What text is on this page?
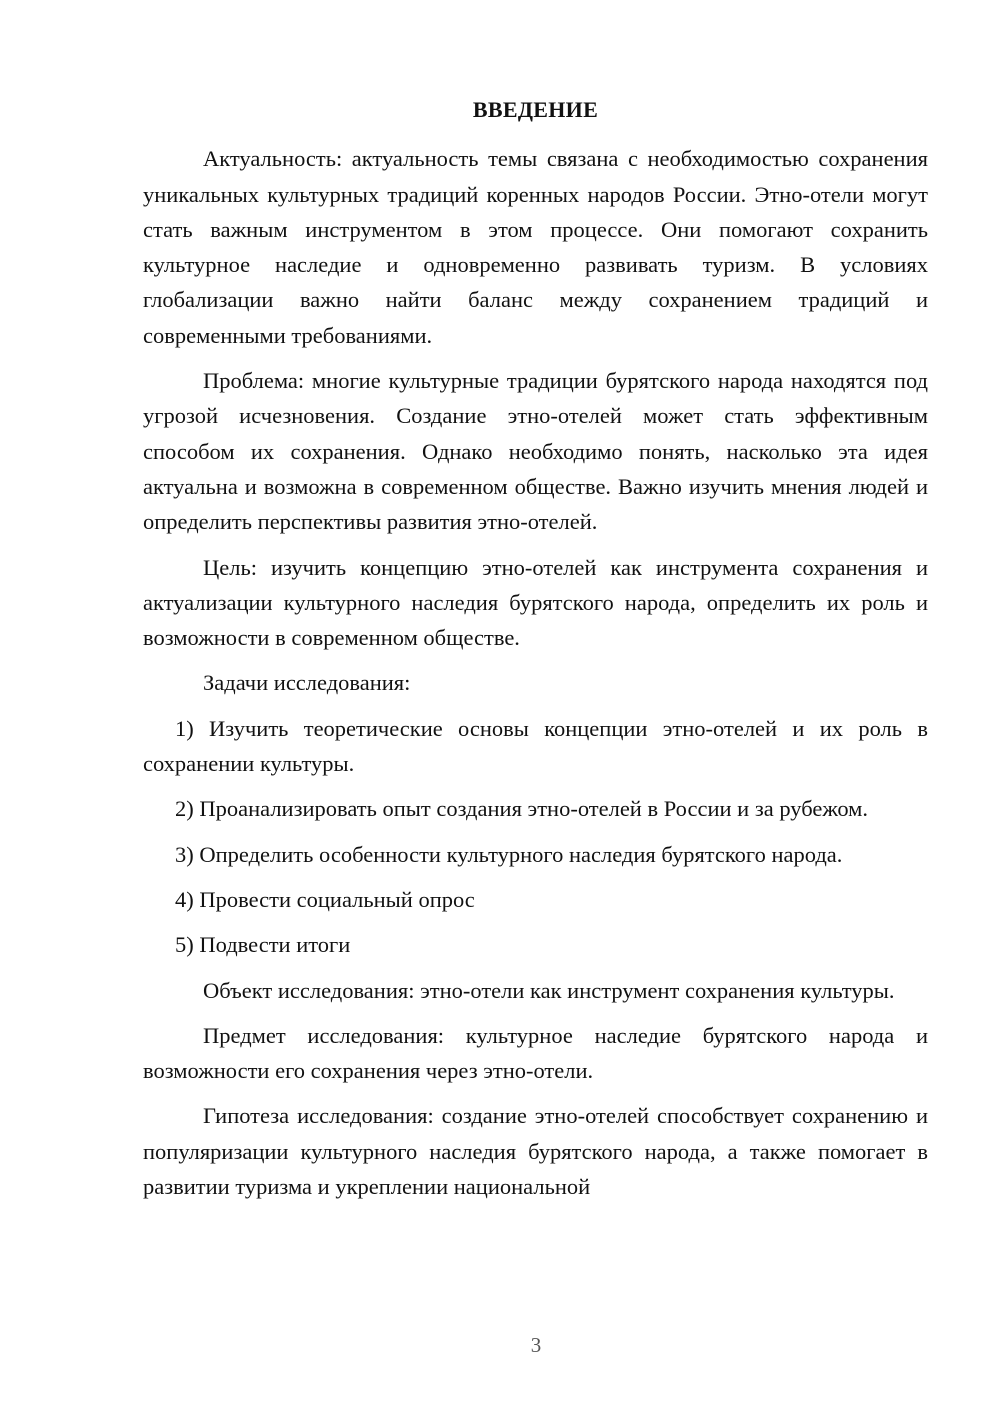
ВВЕДЕНИЕ

Актуальность: актуальность темы связана с необходимостью сохранения уникальных культурных традиций коренных народов России. Этно-отели могут стать важным инструментом в этом процессе. Они помогают сохранить культурное наследие и одновременно развивать туризм. В условиях глобализации важно найти баланс между сохранением традиций и современными требованиями.

Проблема: многие культурные традиции бурятского народа находятся под угрозой исчезновения. Создание этно-отелей может стать эффективным способом их сохранения. Однако необходимо понять, насколько эта идея актуальна и возможна в современном обществе. Важно изучить мнения людей и определить перспективы развития этно-отелей.

Цель: изучить концепцию этно-отелей как инструмента сохранения и актуализации культурного наследия бурятского народа, определить их роль и возможности в современном обществе.

Задачи исследования:

1) Изучить теоретические основы концепции этно-отелей и их роль в сохранении культуры.

2) Проанализировать опыт создания этно-отелей в России и за рубежом.

3) Определить особенности культурного наследия бурятского народа.

4) Провести социальный опрос

5) Подвести итоги

Объект исследования: этно-отели как инструмент сохранения культуры.

Предмет исследования: культурное наследие бурятского народа и возможности его сохранения через этно-отели.

Гипотеза исследования: создание этно-отелей способствует сохранению и популяризации культурного наследия бурятского народа, а также помогает в развитии туризма и укреплении национальной

3
